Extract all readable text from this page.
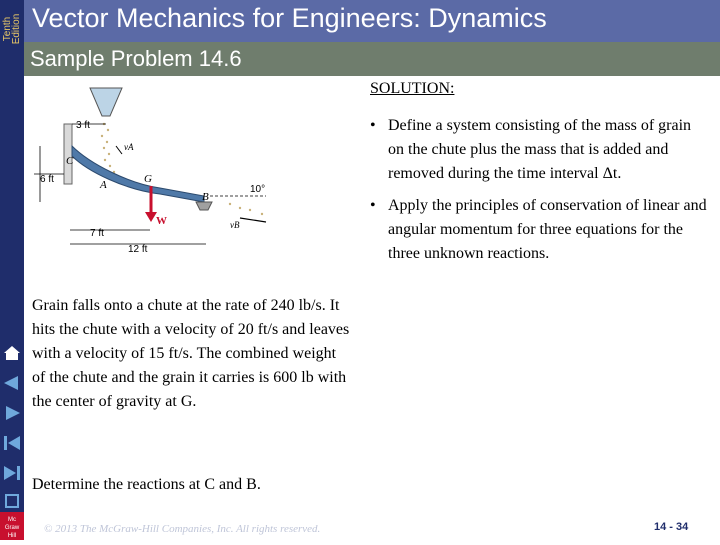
Tenth
Edition Vector Mechanics for Engineers: Dynamics
Sample Problem 14.6
3 ft
6 ft
7 ft
12 ft
10°
C
A	G
B
W
vA
vB
SOLUTION:
• Define a system consisting of the mass of grain on the chute plus the mass that is added and removed during the time interval Δt.
• Apply the principles of conservation of linear and angular momentum for three equations for the three unknown reactions.
Grain falls onto a chute at the rate of 240 lb/s. It hits the chute with a velocity of 20 ft/s and leaves with a velocity of 15 ft/s. The combined weight of the chute and the grain it carries is 600 lb with the center of gravity at G.
Determine the reactions at C and B.
Mc
Graw
Hill
© 2013 The McGraw-Hill Companies, Inc. All rights reserved.	14 - 34
